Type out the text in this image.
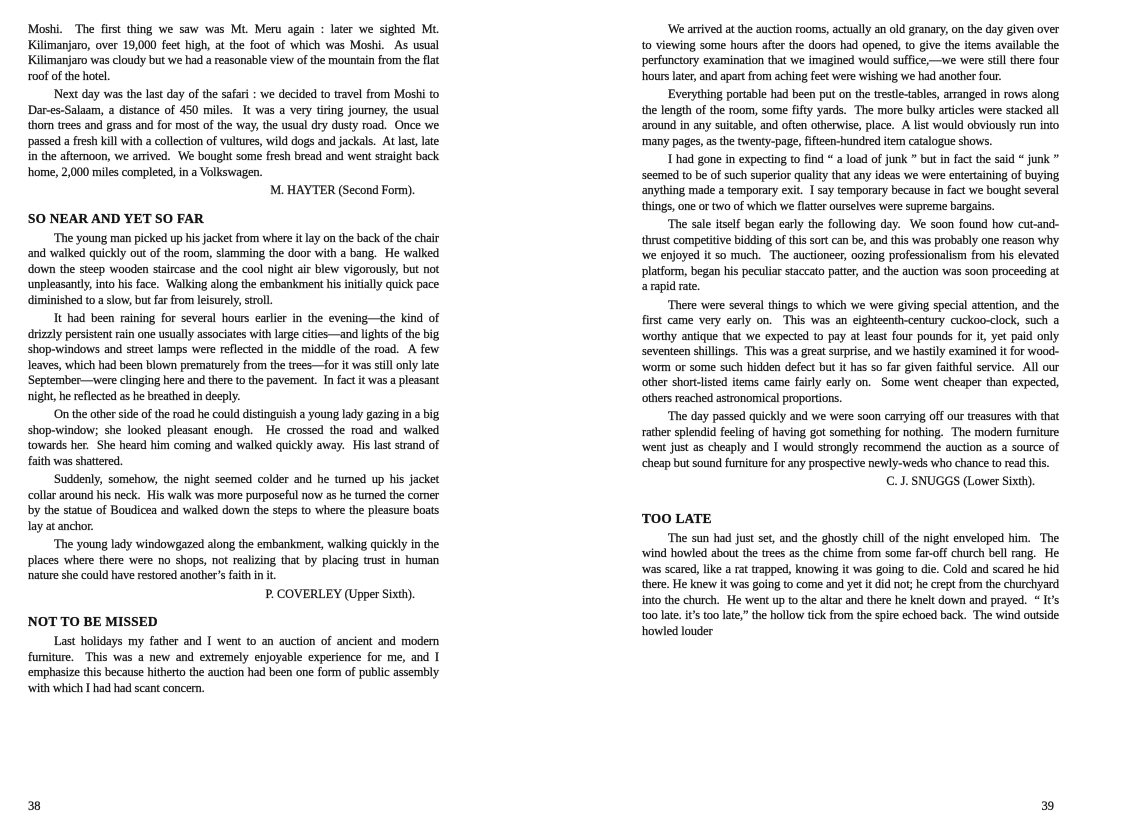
Moshi.  The first thing we saw was Mt. Meru again : later we sighted Mt. Kilimanjaro, over 19,000 feet high, at the foot of which was Moshi.  As usual Kilimanjaro was cloudy but we had a reasonable view of the mountain from the flat roof of the hotel.

Next day was the last day of the safari : we decided to travel from Moshi to Dar-es-Salaam, a distance of 450 miles.  It was a very tiring journey, the usual thorn trees and grass and for most of the way, the usual dry dusty road.  Once we passed a fresh kill with a collection of vultures, wild dogs and jackals.  At last, late in the afternoon, we arrived.  We bought some fresh bread and went straight back home, 2,000 miles completed, in a Volkswagen.

M. HAYTER (Second Form).

SO NEAR AND YET SO FAR

The young man picked up his jacket from where it lay on the back of the chair and walked quickly out of the room, slamming the door with a bang.  He walked down the steep wooden staircase and the cool night air blew vigorously, but not unpleasantly, into his face.  Walking along the embankment his initially quick pace diminished to a slow, but far from leisurely, stroll.

It had been raining for several hours earlier in the evening—the kind of drizzly persistent rain one usually associates with large cities—and lights of the big shop-windows and street lamps were reflected in the middle of the road.  A few leaves, which had been blown prematurely from the trees—for it was still only late September—were clinging here and there to the pavement.  In fact it was a pleasant night, he reflected as he breathed in deeply.

On the other side of the road he could distinguish a young lady gazing in a big shop-window; she looked pleasant enough.  He crossed the road and walked towards her.  She heard him coming and walked quickly away.  His last strand of faith was shattered.

Suddenly, somehow, the night seemed colder and he turned up his jacket collar around his neck.  His walk was more purposeful now as he turned the corner by the statue of Boudicea and walked down the steps to where the pleasure boats lay at anchor.

The young lady windowgazed along the embankment, walking quickly in the places where there were no shops, not realizing that by placing trust in human nature she could have restored another’s faith in it.

P. COVERLEY (Upper Sixth).

NOT TO BE MISSED

Last holidays my father and I went to an auction of ancient and modern furniture.  This was a new and extremely enjoyable experience for me, and I emphasize this because hitherto the auction had been one form of public assembly with which I had had scant concern.

We arrived at the auction rooms, actually an old granary, on the day given over to viewing some hours after the doors had opened, to give the items available the perfunctory examination that we imagined would suffice,—we were still there four hours later, and apart from aching feet were wishing we had another four.

Everything portable had been put on the trestle-tables, arranged in rows along the length of the room, some fifty yards.  The more bulky articles were stacked all around in any suitable, and often otherwise, place.  A list would obviously run into many pages, as the twenty-page, fifteen-hundred item catalogue shows.

I had gone in expecting to find “ a load of junk ” but in fact the said “ junk ” seemed to be of such superior quality that any ideas we were entertaining of buying anything made a temporary exit.  I say temporary because in fact we bought several things, one or two of which we flatter ourselves were supreme bargains.

The sale itself began early the following day.  We soon found how cut-and-thrust competitive bidding of this sort can be, and this was probably one reason why we enjoyed it so much.  The auctioneer, oozing professionalism from his elevated platform, began his peculiar staccato patter, and the auction was soon proceeding at a rapid rate.

There were several things to which we were giving special attention, and the first came very early on.  This was an eighteenth-century cuckoo-clock, such a worthy antique that we expected to pay at least four pounds for it, yet paid only seventeen shillings.  This was a great surprise, and we hastily examined it for wood-worm or some such hidden defect but it has so far given faithful service.  All our other short-listed items came fairly early on.  Some went cheaper than expected, others reached astronomical proportions.

The day passed quickly and we were soon carrying off our treasures with that rather splendid feeling of having got something for nothing.  The modern furniture went just as cheaply and I would strongly recommend the auction as a source of cheap but sound furniture for any prospective newly-weds who chance to read this.

C. J. SNUGGS (Lower Sixth).

TOO LATE

The sun had just set, and the ghostly chill of the night enveloped him.  The wind howled about the trees as the chime from some far-off church bell rang.  He was scared, like a rat trapped, knowing it was going to die. Cold and scared he hid there. He knew it was going to come and yet it did not; he crept from the churchyard into the church.  He went up to the altar and there he knelt down and prayed.  “ It’s too late. it’s too late,” the hollow tick from the spire echoed back.  The wind outside howled louder

38	39
